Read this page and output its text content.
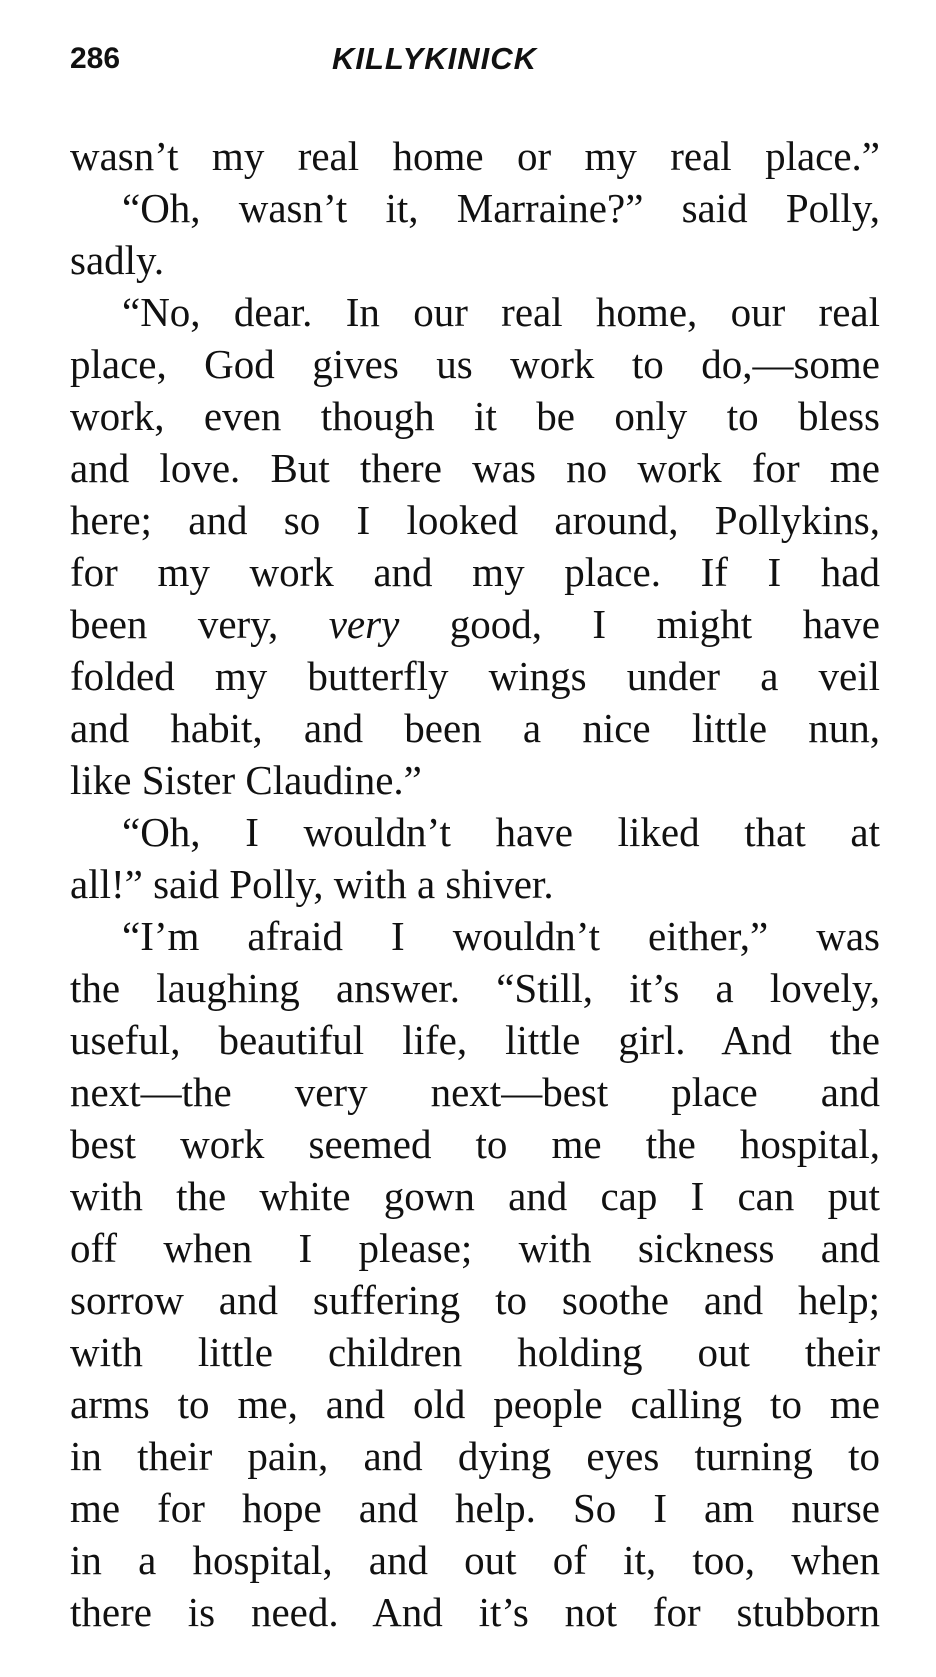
286	KILLYKINICK
wasn’t my real home or my real place.”
“Oh, wasn’t it, Marraine?” said Polly,
sadly.
“No, dear. In our real home, our real
place, God gives us work to do,—some
work, even though it be only to bless
and love. But there was no work for me
here; and so I looked around, Pollykins,
for my work and my place. If I had
been very, very good, I might have
folded my butterfly wings under a veil
and habit, and been a nice little nun,
like Sister Claudine.”
“Oh, I wouldn’t have liked that at
all!” said Polly, with a shiver.
“I’m afraid I wouldn’t either,” was
the laughing answer. “Still, it’s a lovely,
useful, beautiful life, little girl. And the
next—the very next—best place and
best work seemed to me the hospital,
with the white gown and cap I can put
off when I please; with sickness and
sorrow and suffering to soothe and help;
with little children holding out their
arms to me, and old people calling to me
in their pain, and dying eyes turning to
me for hope and help. So I am nurse
in a hospital, and out of it, too, when
there is need. And it’s not for stubborn
